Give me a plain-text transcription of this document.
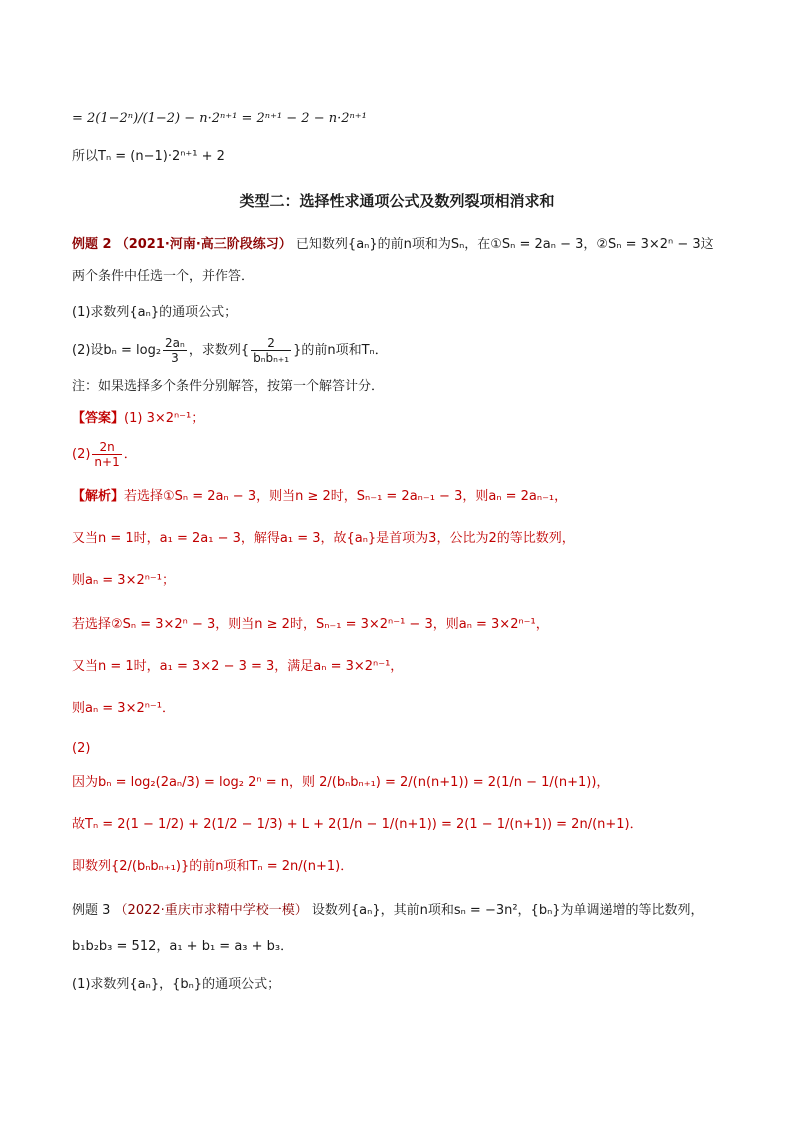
= 2(1−2ⁿ)/(1−2) − n·2ⁿ⁺¹ = 2ⁿ⁺¹ − 2 − n·2ⁿ⁺¹
所以Tₙ = (n−1)·2ⁿ⁺¹ + 2
类型二：选择性求通项公式及数列裂项相消求和
例题 2 （2021·河南·高三阶段练习） 已知数列{aₙ}的前n项和为Sₙ，在①Sₙ = 2aₙ − 3，②Sₙ = 3×2ⁿ − 3这
两个条件中任选一个，并作答．
(1)求数列{aₙ}的通项公式；
(2)设$b_n = \log_2 \frac{\text{2aₙ}}{3}$ ，求数列{ $\frac{2}{\text{bₙbₙ₊₁}}$ }的前n项和Tₙ．
注：如果选择多个条件分别解答，按第一个解答计分．
【答案】(1) 3×2ⁿ⁻¹；
$(2) \frac{2n}{n+1}$ ．
【解析】若选择①Sₙ = 2aₙ − 3，则当n ≥ 2时，Sₙ₋₁ = 2aₙ₋₁ − 3，则aₙ = 2aₙ₋₁，
又当n = 1时，a₁ = 2a₁ − 3，解得a₁ = 3，故{aₙ}是首项为3，公比为2的等比数列，
则aₙ = 3×2ⁿ⁻¹；
若选择②Sₙ = 3×2ⁿ − 3，则当n ≥ 2时，Sₙ₋₁ = 3×2ⁿ⁻¹ − 3，则aₙ = 3×2ⁿ⁻¹，
又当n = 1时，a₁ = 3×2 − 3 = 3，满足aₙ = 3×2ⁿ⁻¹，
则aₙ = 3×2ⁿ⁻¹．
(2)
因为bₙ = log₂(2aₙ/3) = log₂ 2ⁿ = n，则 2/(bₙbₙ₊₁) = 2/(n(n+1)) = 2(1/n − 1/(n+1))，
故Tₙ = 2(1 − 1/2) + 2(1/2 − 1/3) + L + 2(1/n − 1/(n+1)) = 2(1 − 1/(n+1)) = 2n/(n+1)．
即数列{2/(bₙbₙ₊₁)}的前n项和Tₙ = 2n/(n+1)．
例题 3 （2022·重庆市求精中学校一模） 设数列{aₙ}，其前n项和sₙ = −3n²，{bₙ}为单调递增的等比数列，
b₁b₂b₃ = 512，a₁ + b₁ = a₃ + b₃．
(1)求数列{aₙ}，{bₙ}的通项公式；
